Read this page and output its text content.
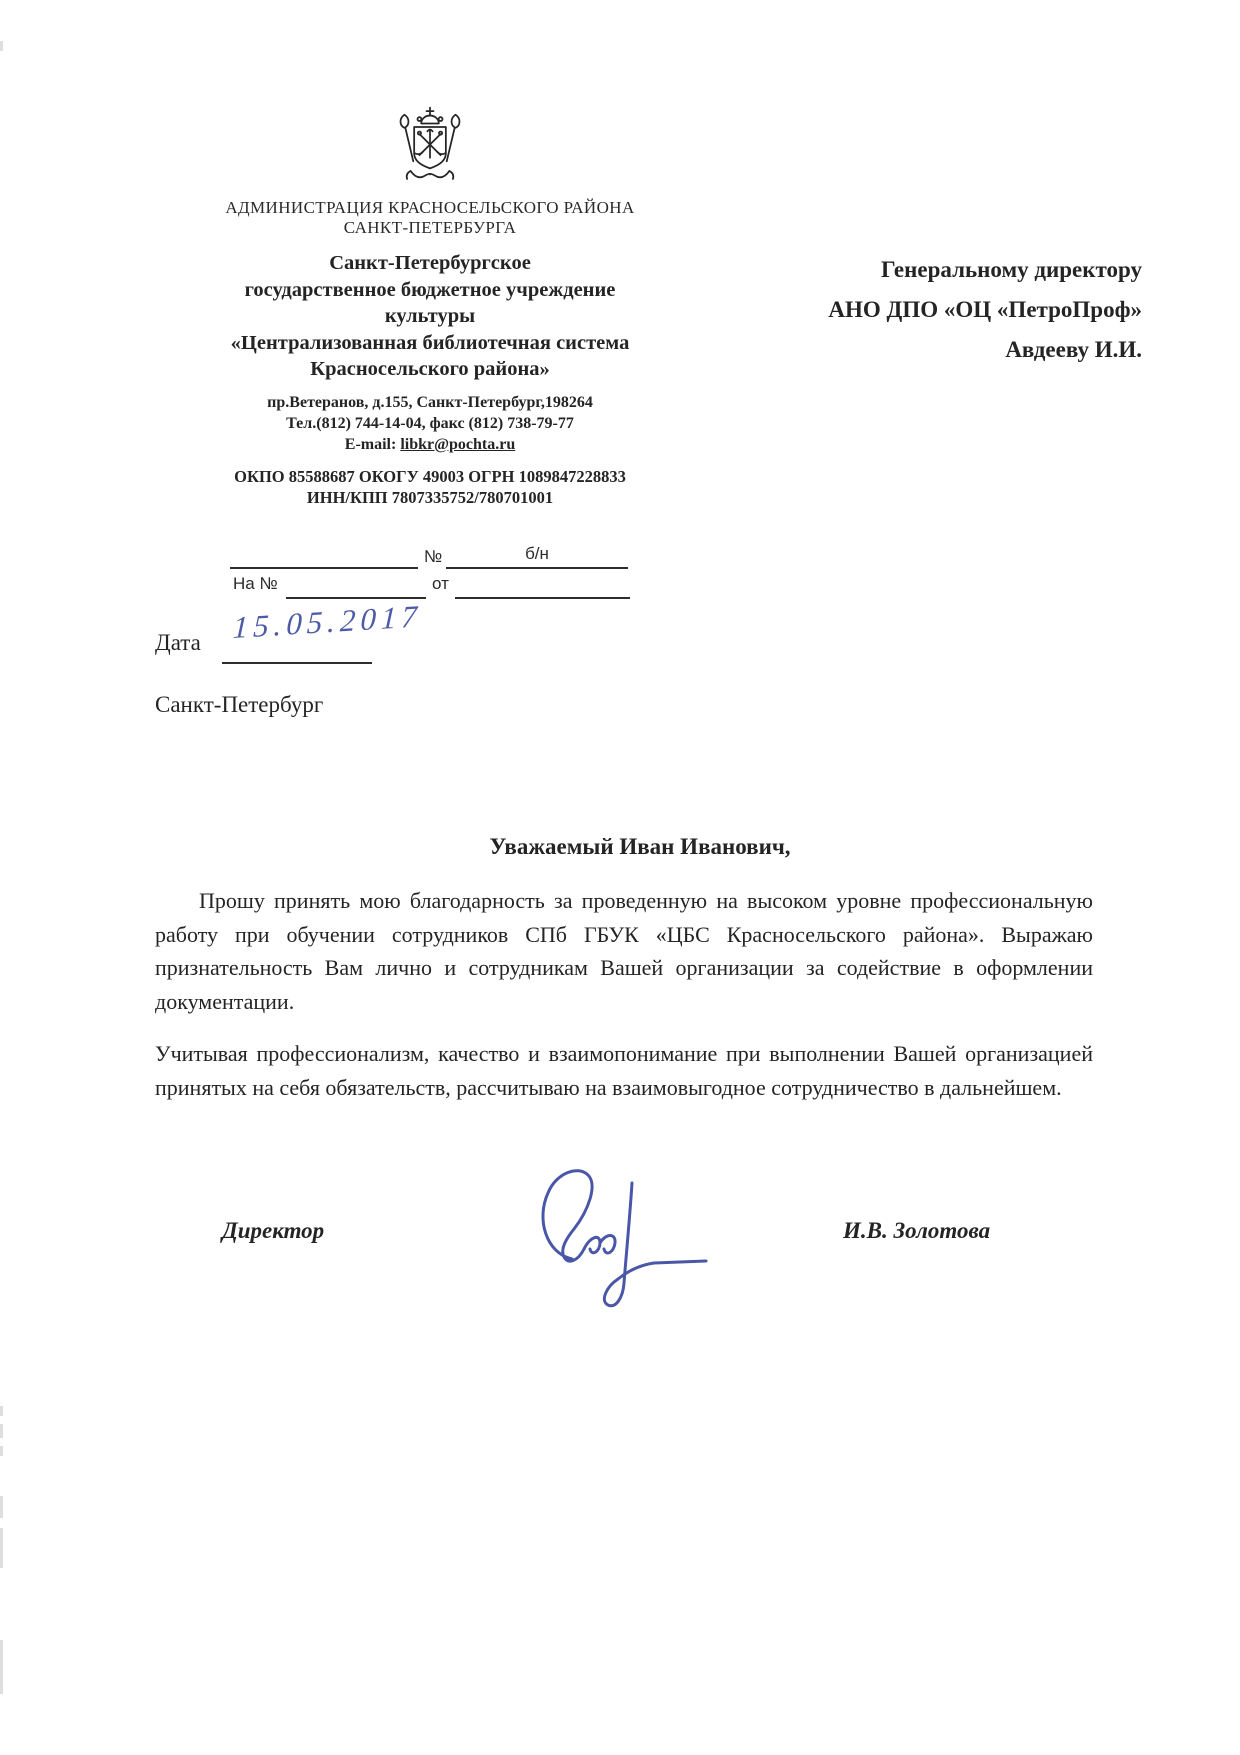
АДМИНИСТРАЦИЯ КРАСНОСЕЛЬСКОГО РАЙОНА
САНКТ-ПЕТЕРБУРГА
Санкт-Петербургское
государственное бюджетное учреждение
культуры
«Централизованная библиотечная система
Красносельского района»
пр.Ветеранов, д.155, Санкт-Петербург,198264
Тел.(812) 744-14-04, факс (812) 738-79-77
E-mail: libkr@pochta.ru
ОКПО 85588687 ОКОГУ 49003 ОГРН 1089847228833
ИНН/КПП 7807335752/780701001
№	б/н
На №	от
Генеральному директору
АНО ДПО «ОЦ «ПетроПроф»
Авдееву И.И.
Дата 15.05.2017
Санкт-Петербург
Уважаемый Иван Иванович,

Прошу принять мою благодарность за проведенную на высоком уровне профессиональную работу при обучении сотрудников СПб ГБУК «ЦБС Красносельского района». Выражаю признательность Вам лично и сотрудникам Вашей организации за содействие в оформлении документации.

Учитывая профессионализм, качество и взаимопонимание при выполнении Вашей организацией принятых на себя обязательств, рассчитываю на взаимовыгодное сотрудничество в дальнейшем.

Директор	И.В. Золотова
